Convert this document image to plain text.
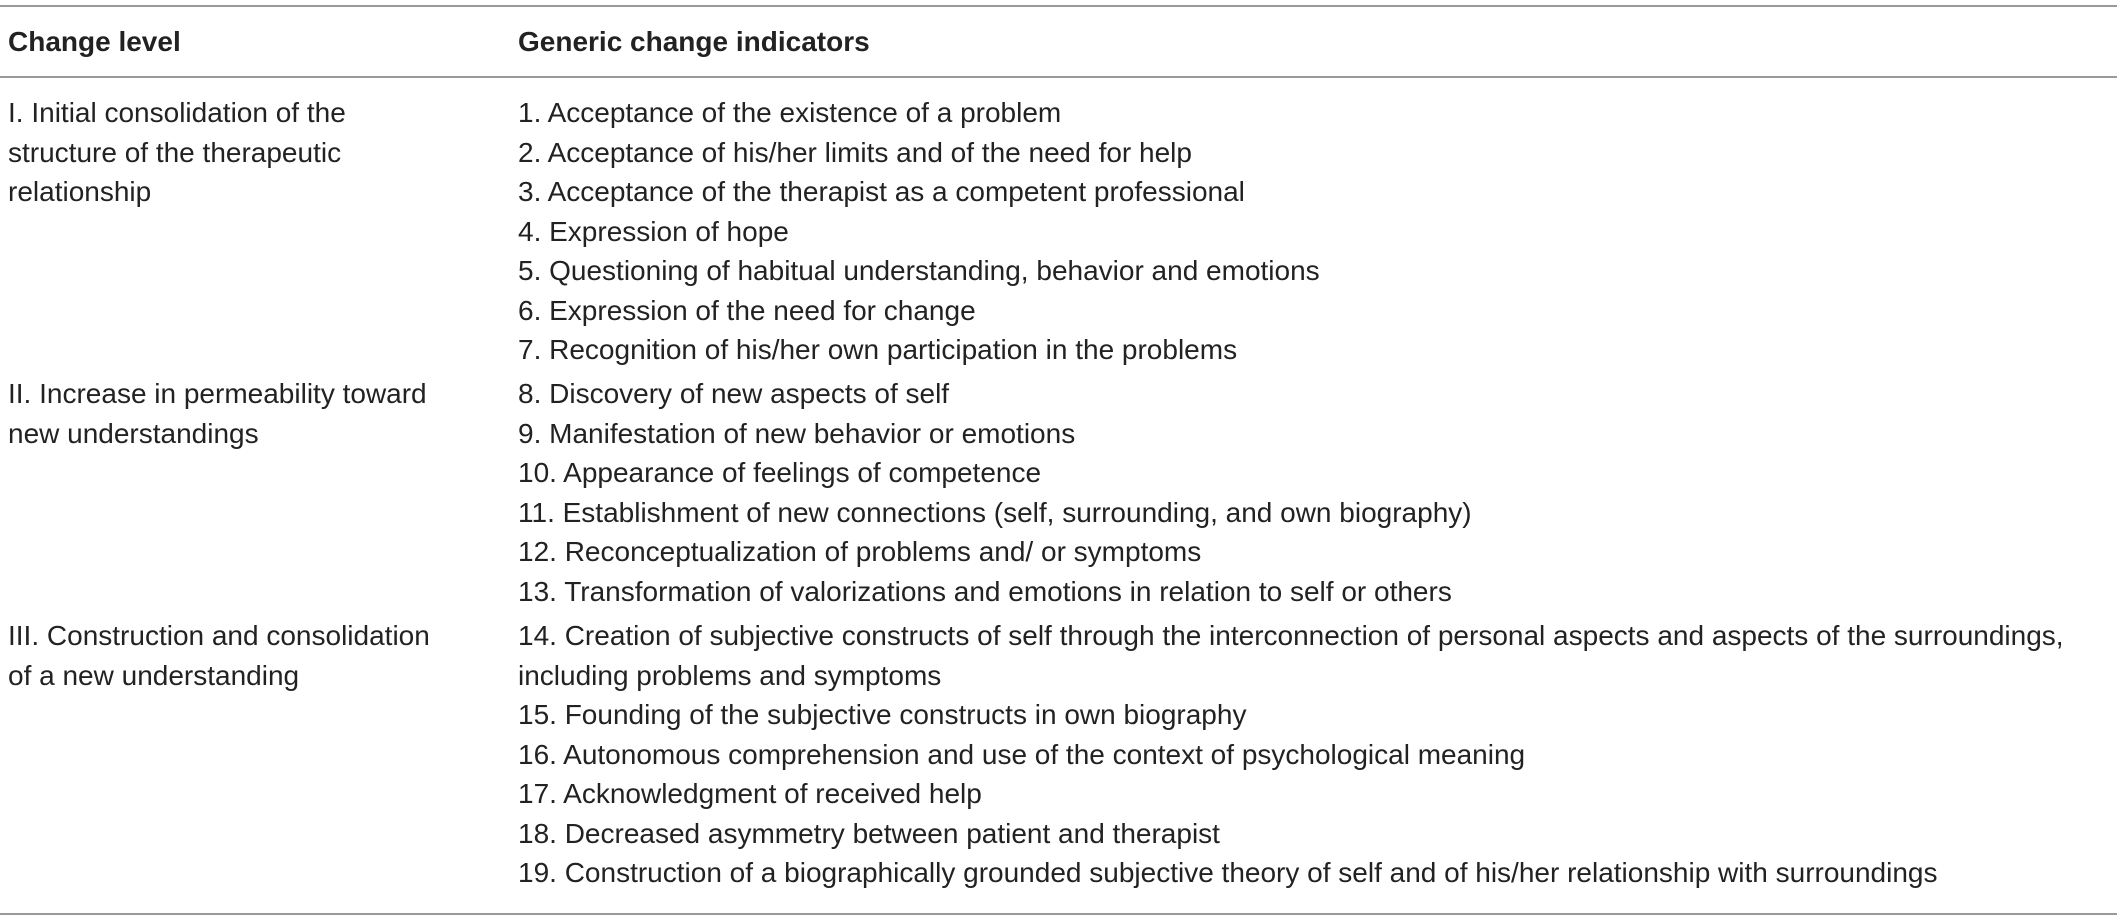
Change level	Generic change indicators
I. Initial consolidation of the
structure of the therapeutic
relationship
1. Acceptance of the existence of a problem
2. Acceptance of his/her limits and of the need for help
3. Acceptance of the therapist as a competent professional
4. Expression of hope
5. Questioning of habitual understanding, behavior and emotions
6. Expression of the need for change
7. Recognition of his/her own participation in the problems
II. Increase in permeability toward
new understandings
8. Discovery of new aspects of self
9. Manifestation of new behavior or emotions
10. Appearance of feelings of competence
11. Establishment of new connections (self, surrounding, and own biography)
12. Reconceptualization of problems and/ or symptoms
13. Transformation of valorizations and emotions in relation to self or others
III. Construction and consolidation
of a new understanding
14. Creation of subjective constructs of self through the interconnection of personal aspects and aspects of the surroundings, including problems and symptoms
15. Founding of the subjective constructs in own biography
16. Autonomous comprehension and use of the context of psychological meaning
17. Acknowledgment of received help
18. Decreased asymmetry between patient and therapist
19. Construction of a biographically grounded subjective theory of self and of his/her relationship with surroundings
